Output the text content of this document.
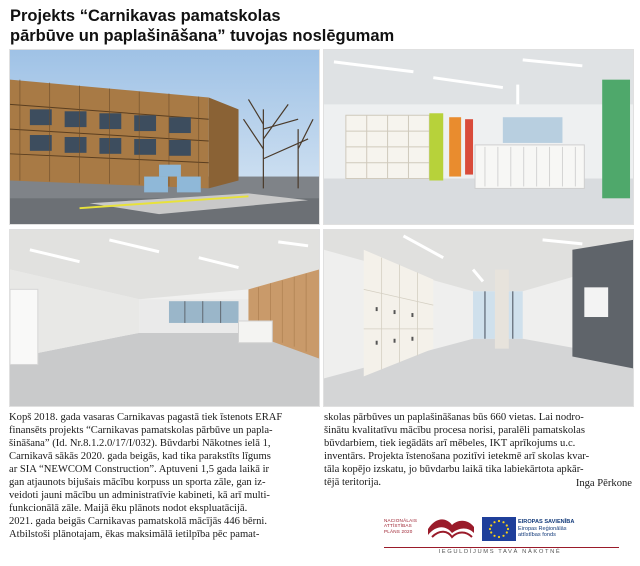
Projekts “Carnikavas pamatskolas
pārbūve un paplašināšana” tuvojas noslēgumam
Kopš 2018. gada vasaras Carnikavas pagastā tiek īstenots ERAF
finansēts projekts “Carnikavas pamatskolas pārbūve un papla-
šināšana” (Id. Nr.8.1.2.0/17/I/032). Būvdarbi Nākotnes ielā 1,
Carnikavā sākās 2020. gada beigās, kad tika parakstīts līgums
ar SIA “NEWCOM Construction”. Aptuveni 1,5 gada laikā ir
gan atjaunots bijušais mācību korpuss un sporta zāle, gan iz-
veidoti jauni mācību un administratīvie kabineti, kā arī multi-
funkcionālā zāle. Maijā ēku plānots nodot ekspluatācijā.
2021. gada beigās Carnikavas pamatskolā mācījās 446 bērni.
Atbilstoši plānotajam, ēkas maksimālā ietilpība pēc pamat-
skolas pārbūves un paplašināšanas būs 660 vietas. Lai nodro-
šinātu kvalitatīvu mācību procesa norisi, paralēli pamatskolas
būvdarbiem, tiek iegādāts arī mēbeles, IKT aprīkojums u.c.
inventārs. Projekta īstenošana pozitīvi ietekmē arī skolas kvar-
tāla kopējo izskatu, jo būvdarbu laikā tika labiekārtota apkār-
tējā teritorija.	Inga Pērkone
NACIONĀLAIS
ATTĪSTĪBAS
PLĀNS 2020
EIROPAS SAVIENĪBA
Eiropas Reģionālās
attīstības fonds
IEGULDĪJUMS TAVĀ NĀKOTNĒ
